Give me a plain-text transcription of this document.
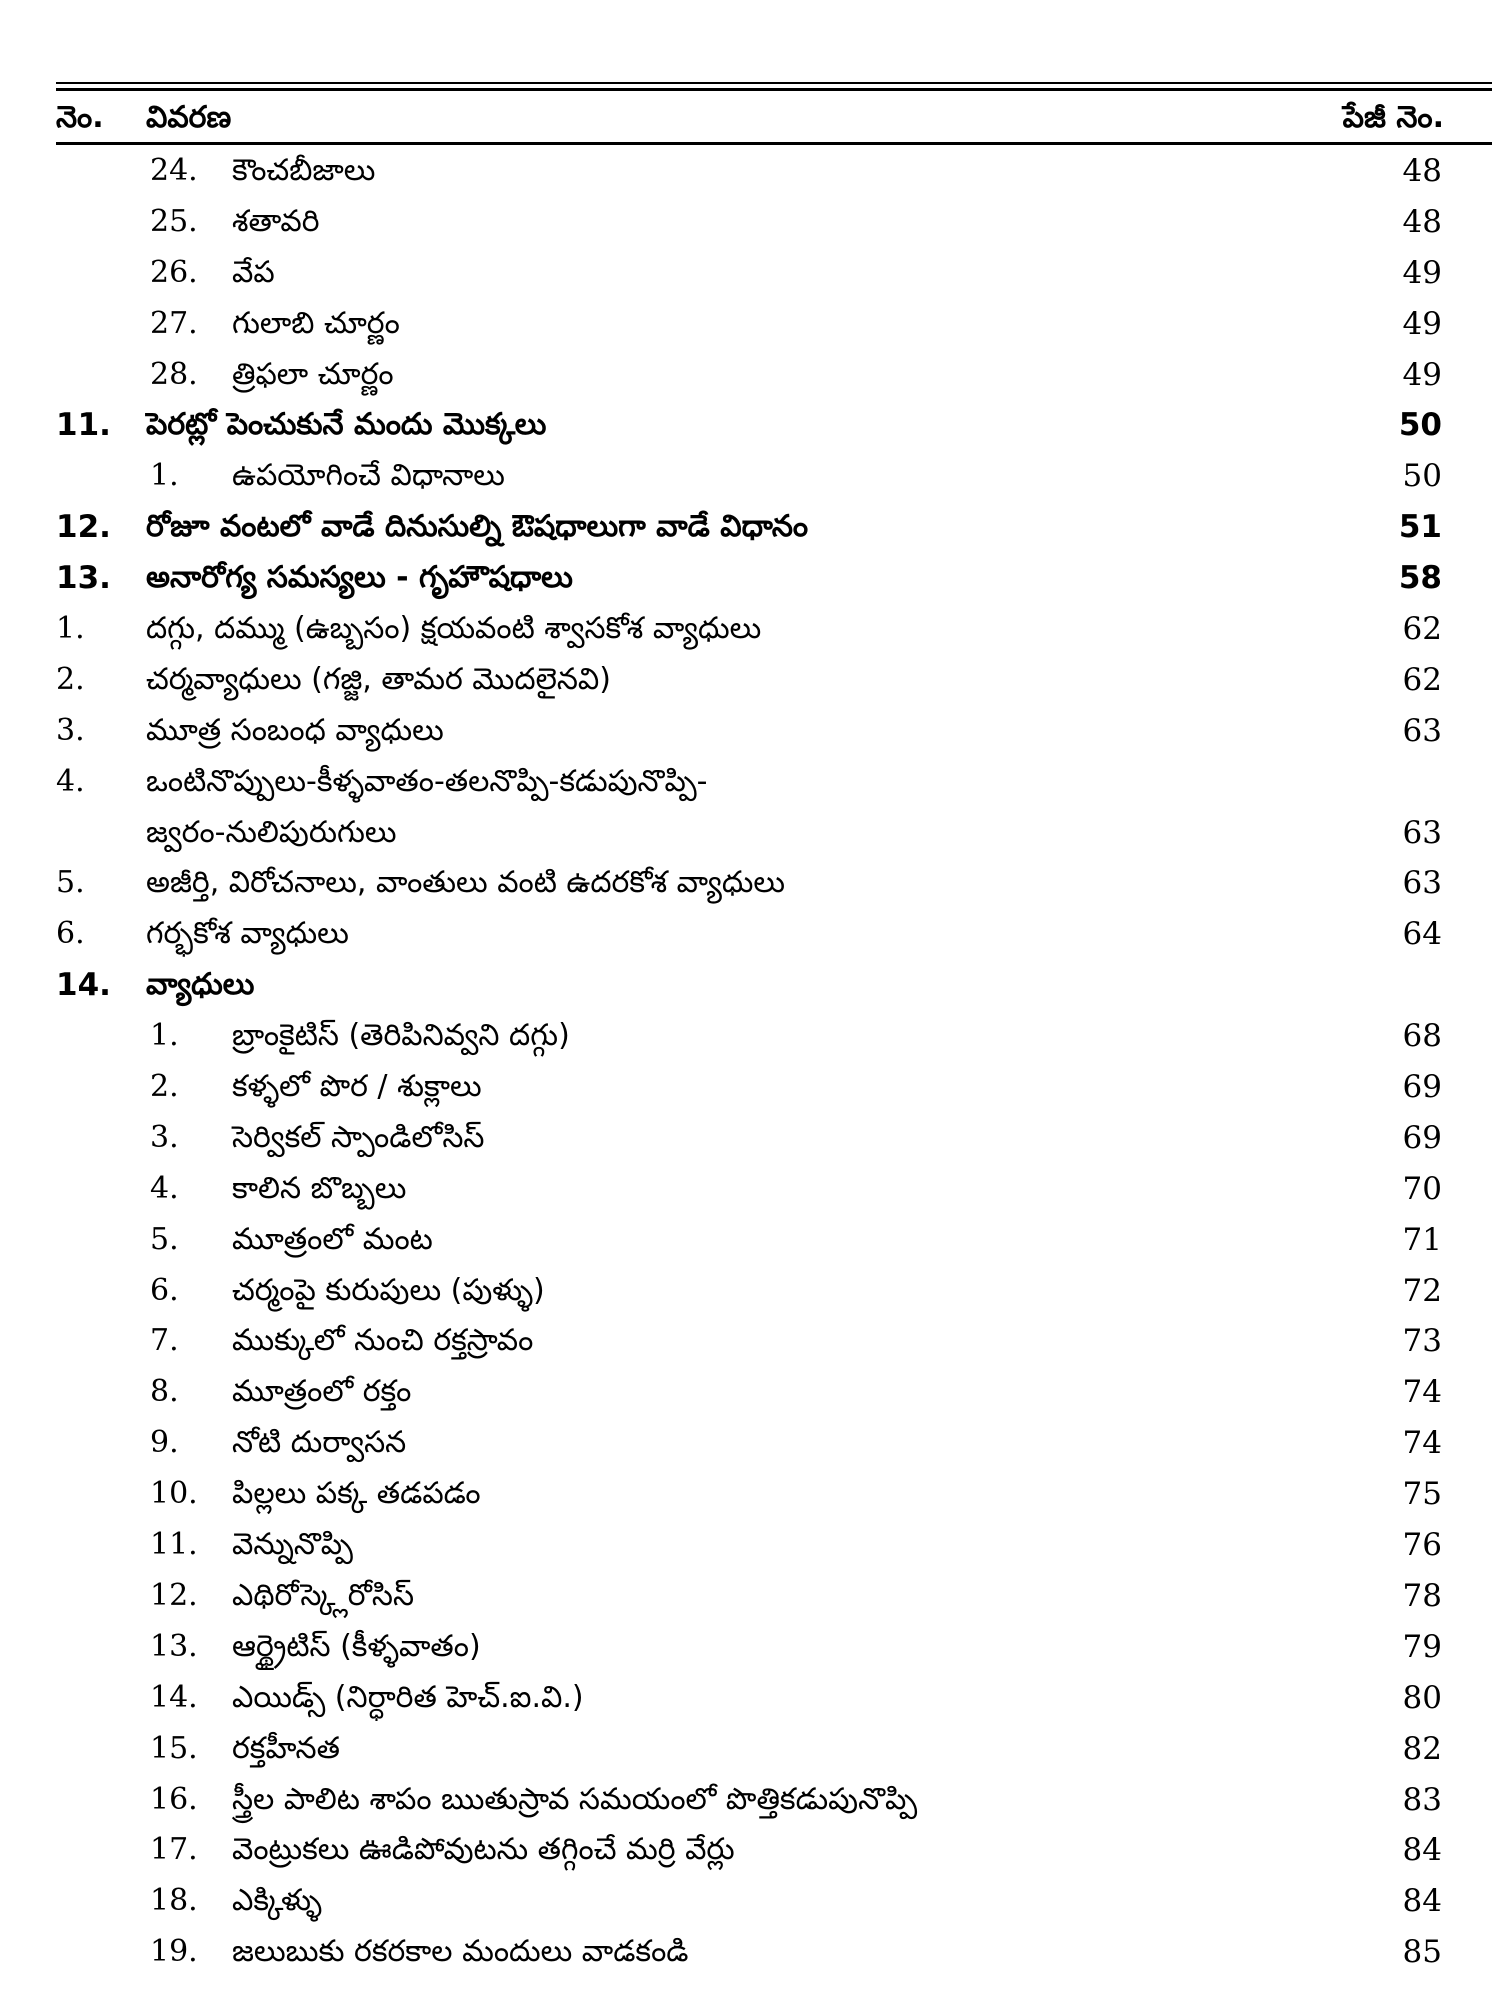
నెం. వివరణ	పేజీ నెం.
24. కౌంచబీజాలు	48
25. శతావరి	48
26. వేప	49
27. గులాబి చూర్ణం	49
28. త్రిఫలా చూర్ణం	49
11. పెరట్లో పెంచుకునే మందు మొక్కలు	50
1. ఉపయోగించే విధానాలు	50
12. రోజూ వంటలో వాడే దినుసుల్ని ఔషధాలుగా వాడే విధానం	51
13. అనారోగ్య సమస్యలు - గృహౌషధాలు	58
1. దగ్గు, దమ్ము (ఉబ్బసం) క్షయవంటి శ్వాసకోశ వ్యాధులు	62
2. చర్మవ్యాధులు (గజ్జి, తామర మొదలైనవి)	62
3. మూత్ర సంబంధ వ్యాధులు	63
4. ఒంటినొప్పులు-కీళ్ళవాతం-తలనొప్పి-కడుపునొప్పి-
జ్వరం-నులిపురుగులు	63
5. అజీర్తి, విరోచనాలు, వాంతులు వంటి ఉదరకోశ వ్యాధులు	63
6. గర్భకోశ వ్యాధులు	64
14. వ్యాధులు
1. బ్రాంకైటిస్ (తెరిపినివ్వని దగ్గు)	68
2. కళ్ళలో పొర / శుక్లాలు	69
3. సెర్వికల్ స్పాండిలోసిస్	69
4. కాలిన బొబ్బలు	70
5. మూత్రంలో మంట	71
6. చర్మంపై కురుపులు (పుళ్ళు)	72
7. ముక్కులో నుంచి రక్తస్రావం	73
8. మూత్రంలో రక్తం	74
9. నోటి దుర్వాసన	74
10. పిల్లలు పక్క తడపడం	75
11. వెన్నునొప్పి	76
12. ఎథిరోస్క్లెరోసిస్	78
13. ఆర్థ్రైటిస్ (కీళ్ళవాతం)	79
14. ఎయిడ్స్ (నిర్ధారిత హెచ్.ఐ.వి.)	80
15. రక్తహీనత	82
16. స్త్రీల పాలిట శాపం ఋతుస్రావ సమయంలో పొత్తికడుపునొప్పి	83
17. వెంట్రుకలు ఊడిపోవుటను తగ్గించే మర్రి వేర్లు	84
18. ఎక్కిళ్ళు	84
19. జలుబుకు రకరకాల మందులు వాడకండి	85
